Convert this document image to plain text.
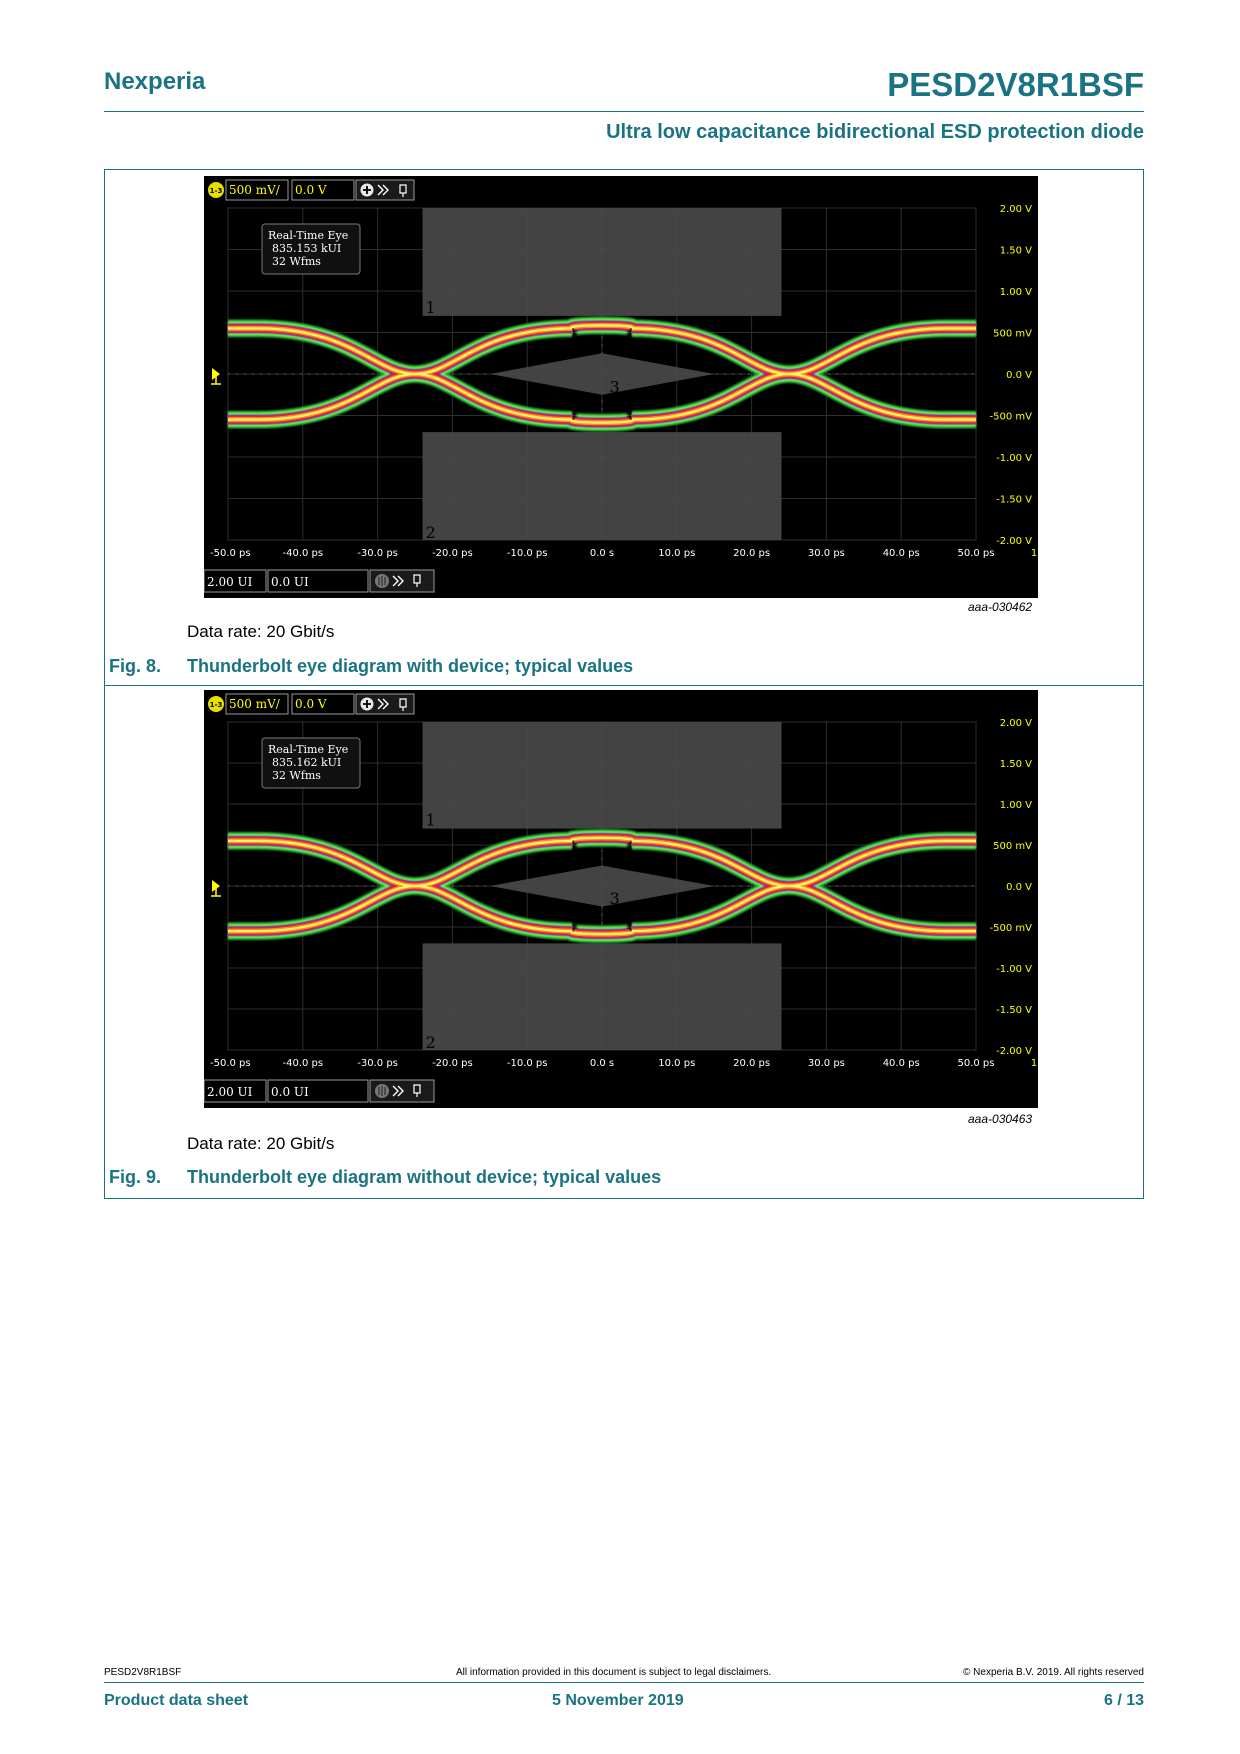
Nexperia	PESD2V8R1BSF
Ultra low capacitance bidirectional ESD protection diode
1
2
3
2.00 V
1.50 V
1.00 V
500 mV
0.0 V
-500 mV
-1.00 V
-1.50 V
-2.00 V
-50.0 ps	-40.0 ps	-30.0 ps	-20.0 ps	-10.0 ps	0.0 s	10.0 ps	20.0 ps	30.0 ps	40.0 ps	50.0 ps	1
Real-Time Eye
835.153 kUI
32 Wfms
1-3 500 mV/ 0.0 V
2.00 UI 0.0 UI
aaa-030462
Data rate: 20 Gbit/s
Fig. 8. Thunderbolt eye diagram with device; typical values
1
2
3
2.00 V
1.50 V
1.00 V
500 mV
0.0 V
-500 mV
-1.00 V
-1.50 V
-2.00 V
-50.0 ps	-40.0 ps	-30.0 ps	-20.0 ps	-10.0 ps	0.0 s	10.0 ps	20.0 ps	30.0 ps	40.0 ps	50.0 ps	1
Real-Time Eye
835.162 kUI
32 Wfms
1-3 500 mV/ 0.0 V
2.00 UI 0.0 UI
aaa-030463
Data rate: 20 Gbit/s
Fig. 9. Thunderbolt eye diagram without device; typical values
PESD2V8R1BSF	All information provided in this document is subject to legal disclaimers.	© Nexperia B.V. 2019. All rights reserved
Product data sheet	5 November 2019	6 / 13
